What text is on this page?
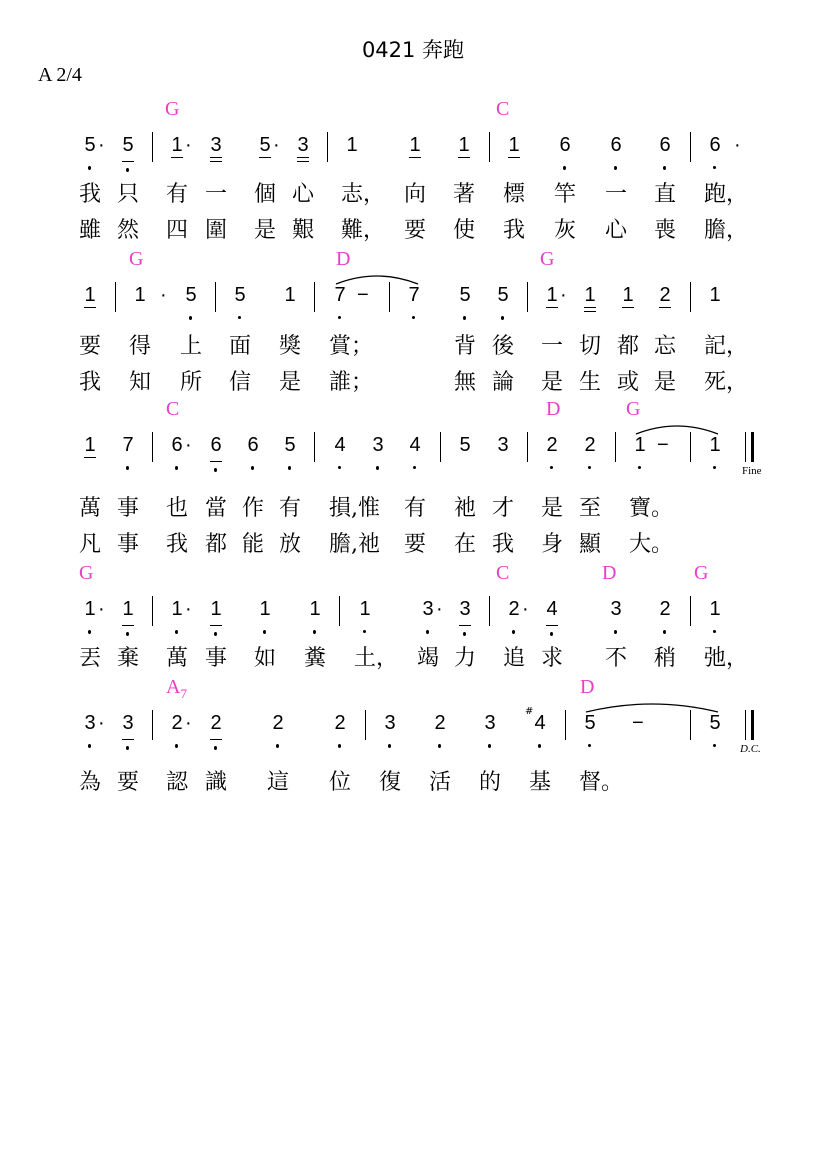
0421 奔跑
A 2/4
G	C
5 · 5 1 · 3 5 · 3 1	1 1 1 6 6 6 6 ·
我 只 有 一 個 心 志， 向 著 標 竿 一 直 跑，
雖 然 四 圍 是 艱 難， 要 使 我 灰 心 喪 膽，
G	D	G
1 1 · 5 5 1 7 − 7 5 5 1 · 1 1 2 1
要 得 上 面 獎 賞；	背 後 一 切 都 忘 記，
我 知 所 信 是 誰；	無 論 是 生 或 是 死，
C	D	G
1 7 6 · 6 6 5 4 3 4 5 3 2 2 1 − 1
Fine
萬 事 也 當 作 有 損,惟 有 祂 才 是 至 寶。
凡 事 我 都 能 放 膽,祂 要 在 我 身 顯 大。
G	C	D	G
1 · 1 1 · 1 1 1 1	3 · 3 2 · 4	3 2 1
丟 棄 萬 事 如 糞 土， 竭 力 追 求 不 稍 弛，
$A_7$	D
3 · 3 2 · 2	2	2 3 2 3
#
4 5 −	5
D.C.
為 要 認 識 這 位 復 活 的 基 督。
